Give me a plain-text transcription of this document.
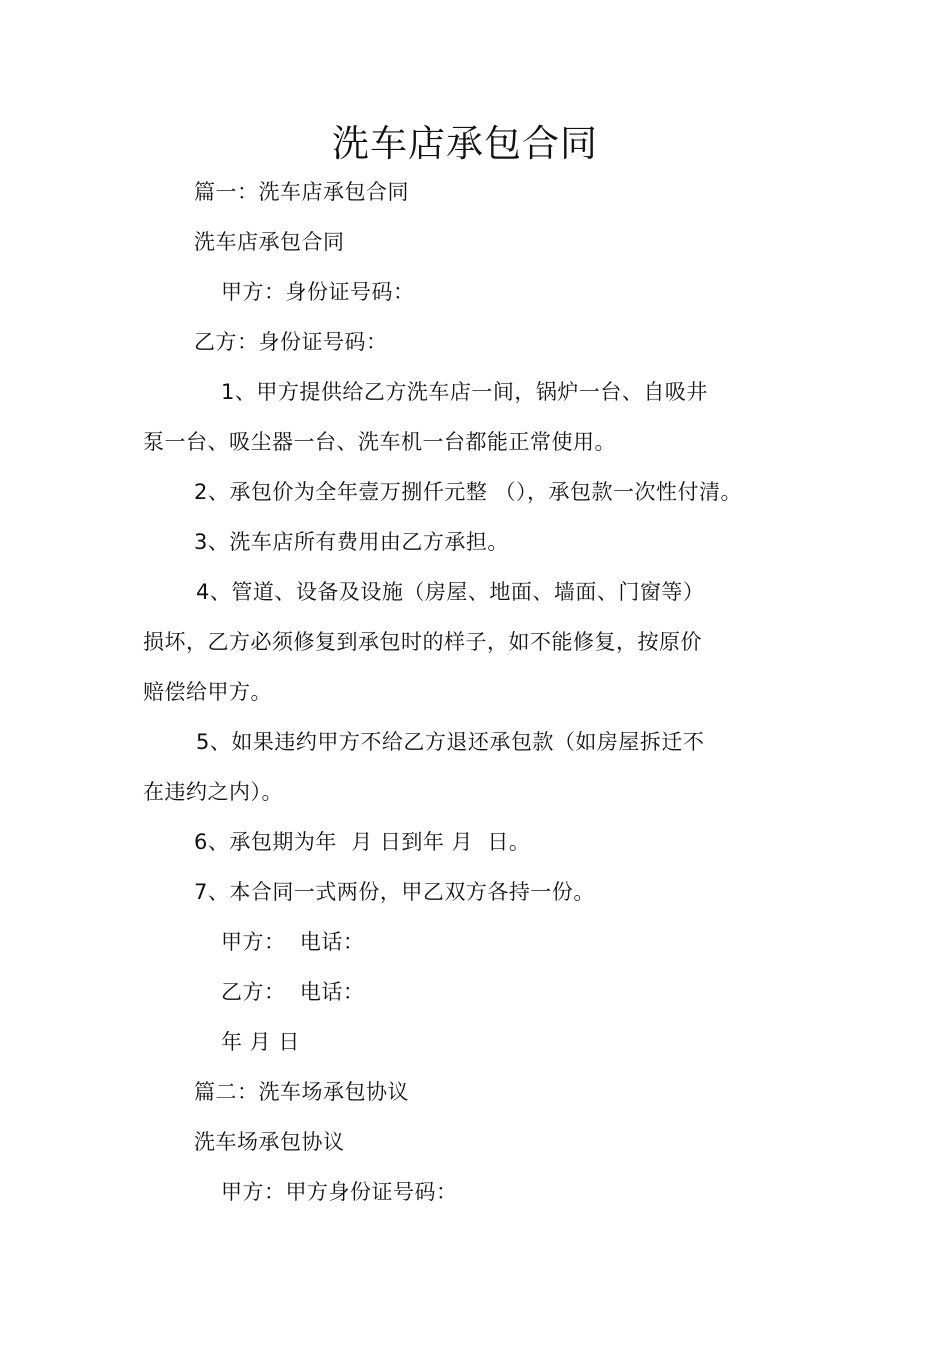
洗车店承包合同
篇一：洗车店承包合同
洗车店承包合同
甲方：身份证号码：
乙方：身份证号码：
1、甲方提供给乙方洗车店一间，锅炉一台、自吸井
泵一台、吸尘器一台、洗车机一台都能正常使用。
2、承包价为全年壹万捌仟元整 （），承包款一次性付清。
3、洗车店所有费用由乙方承担。
4、管道、设备及设施（房屋、地面、墙面、门窗等）
损坏，乙方必须修复到承包时的样子，如不能修复，按原价
赔偿给甲方。
5、如果违约甲方不给乙方退还承包款（如房屋拆迁不
在违约之内）。
6、承包期为年  月 日到年 月  日。
7、本合同一式两份，甲乙双方各持一份。
甲方：  电话：
乙方：  电话：
年 月 日
篇二：洗车场承包协议
洗车场承包协议
甲方：甲方身份证号码：
